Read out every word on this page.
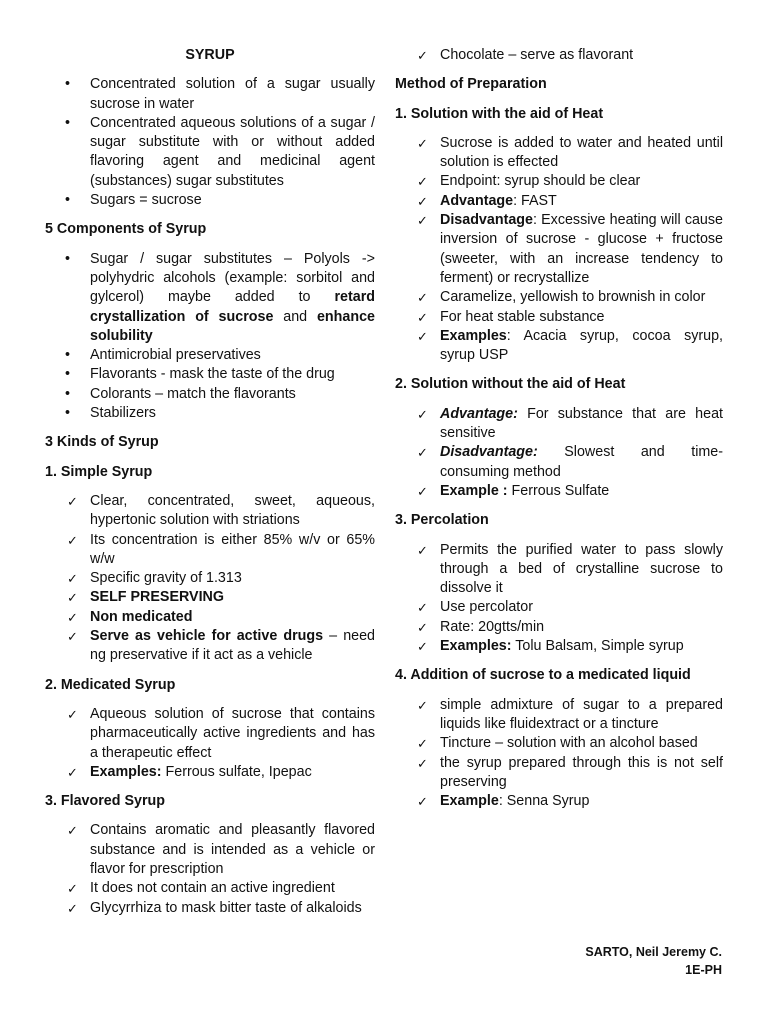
SYRUP
• Concentrated solution of a sugar usually sucrose in water
• Concentrated aqueous solutions of a sugar / sugar substitute with or without added flavoring agent and medicinal agent (substances) sugar substitutes
• Sugars = sucrose
5 Components of Syrup
• Sugar / sugar substitutes – Polyols -> polyhydric alcohols (example: sorbitol and gylcerol) maybe added to retard crystallization of sucrose and enhance solubility
• Antimicrobial preservatives
• Flavorants - mask the taste of the drug
• Colorants – match the flavorants
• Stabilizers
3 Kinds of Syrup
1. Simple Syrup
✓ Clear, concentrated, sweet, aqueous, hypertonic solution with striations
✓ Its concentration is either 85% w/v or 65% w/w
✓ Specific gravity of 1.313
✓ SELF PRESERVING
✓ Non medicated
✓ Serve as vehicle for active drugs – need ng preservative if it act as a vehicle
2. Medicated Syrup
✓ Aqueous solution of sucrose that contains pharmaceutically active ingredients and has a therapeutic effect
✓ Examples: Ferrous sulfate, Ipepac
3. Flavored Syrup
✓ Contains aromatic and pleasantly flavored substance and is intended as a vehicle or flavor for prescription
✓ It does not contain an active ingredient
✓ Glycyrrhiza to mask bitter taste of alkaloids
✓ Chocolate – serve as flavorant
Method of Preparation
1. Solution with the aid of Heat
✓ Sucrose is added to water and heated until solution is effected
✓ Endpoint: syrup should be clear
✓ Advantage: FAST
✓ Disadvantage: Excessive heating will cause inversion of sucrose - glucose + fructose (sweeter, with an increase tendency to ferment) or recrystallize
✓ Caramelize, yellowish to brownish in color
✓ For heat stable substance
✓ Examples: Acacia syrup, cocoa syrup, syrup USP
2. Solution without the aid of Heat
✓ Advantage: For substance that are heat sensitive
✓ Disadvantage: Slowest and time-consuming method
✓ Example : Ferrous Sulfate
3. Percolation
✓ Permits the purified water to pass slowly through a bed of crystalline sucrose to dissolve it
✓ Use percolator
✓ Rate: 20gtts/min
✓ Examples: Tolu Balsam, Simple syrup
4. Addition of sucrose to a medicated liquid
✓ simple admixture of sugar to a prepared liquids like fluidextract or a tincture
✓ Tincture – solution with an alcohol based
✓ the syrup prepared through this is not self preserving
✓ Example: Senna Syrup
SARTO, Neil Jeremy C.
1E-PH
